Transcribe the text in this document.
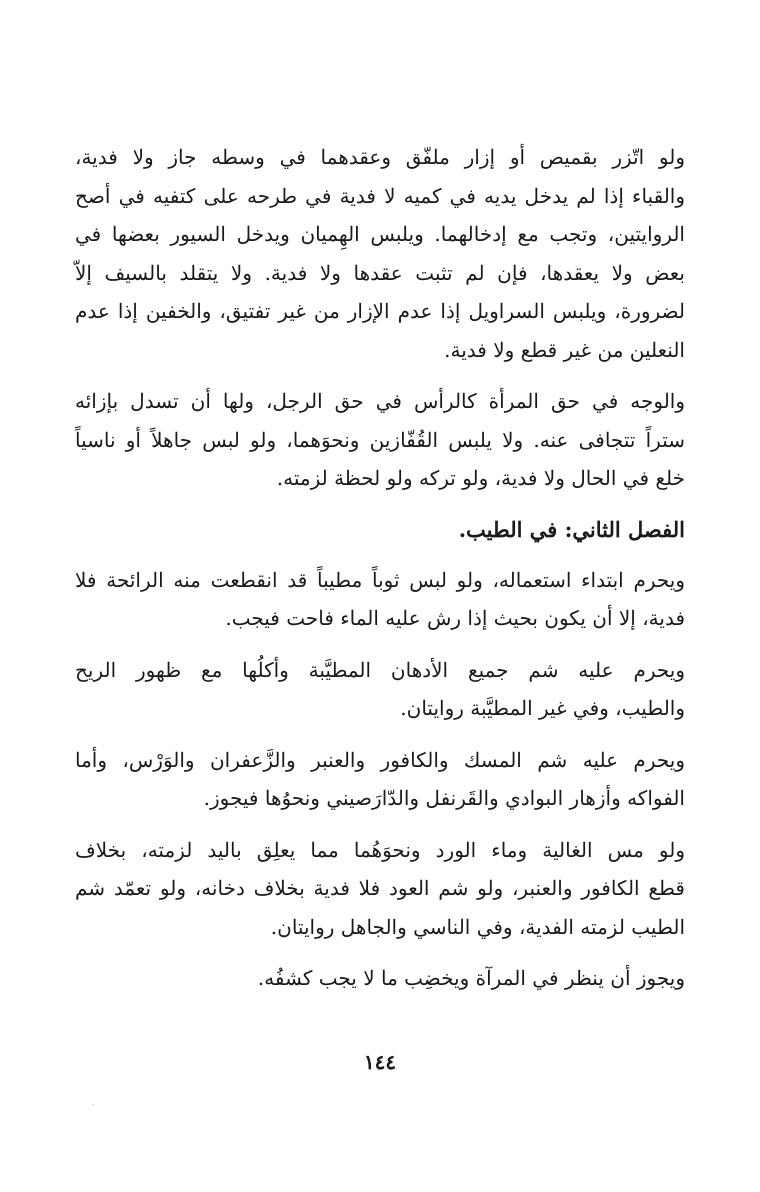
ولو اتّزر بقميص أو إزار ملفّق وعقدهما في وسطه جاز ولا فدية،
والقباء إذا لم يدخل يديه في كميه لا فدية في طرحه على كتفيه في أصح
الروايتين، وتجب مع إدخالهما. ويلبس الهِميان ويدخل السيور بعضها في
بعض ولا يعقدها، فإن لم تثبت عقدها ولا فدية. ولا يتقلد بالسيف إلاّ
لضرورة، ويلبس السراويل إذا عدم الإزار من غير تفتيق، والخفين إذا عدم
النعلين من غير قطع ولا فدية.
والوجه في حق المرأة كالرأس في حق الرجل، ولها أن تسدل بإزائه
ستراً تتجافى عنه. ولا يلبس القُفّازين ونحوَهما، ولو لبس جاهلاً أو ناسياً
خلع في الحال ولا فدية، ولو تركه ولو لحظة لزمته.
الفصل الثاني: في الطيب.
ويحرم ابتداء استعماله، ولو لبس ثوباً مطيباً قد انقطعت منه الرائحة فلا
فدية، إلا أن يكون بحيث إذا رش عليه الماء فاحت فيجب.
ويحرم عليه شم جميع الأدهان المطيَّبة وأكلُها مع ظهور الريح
والطيب، وفي غير المطيَّبة روايتان.
ويحرم عليه شم المسك والكافور والعنبر والزَّعفران والوَرْس، وأما
الفواكه وأزهار البوادي والقَرنفل والدّارَصيني ونحوُها فيجوز.
ولو مس الغالية وماء الورد ونحوَهُما مما يعلِق باليد لزمته، بخلاف
قطع الكافور والعنبر، ولو شم العود فلا فدية بخلاف دخانه، ولو تعمّد شم
الطيب لزمته الفدية، وفي الناسي والجاهل روايتان.
ويجوز أن ينظر في المرآة ويخضِب ما لا يجب كشفُه.
١٤٤
